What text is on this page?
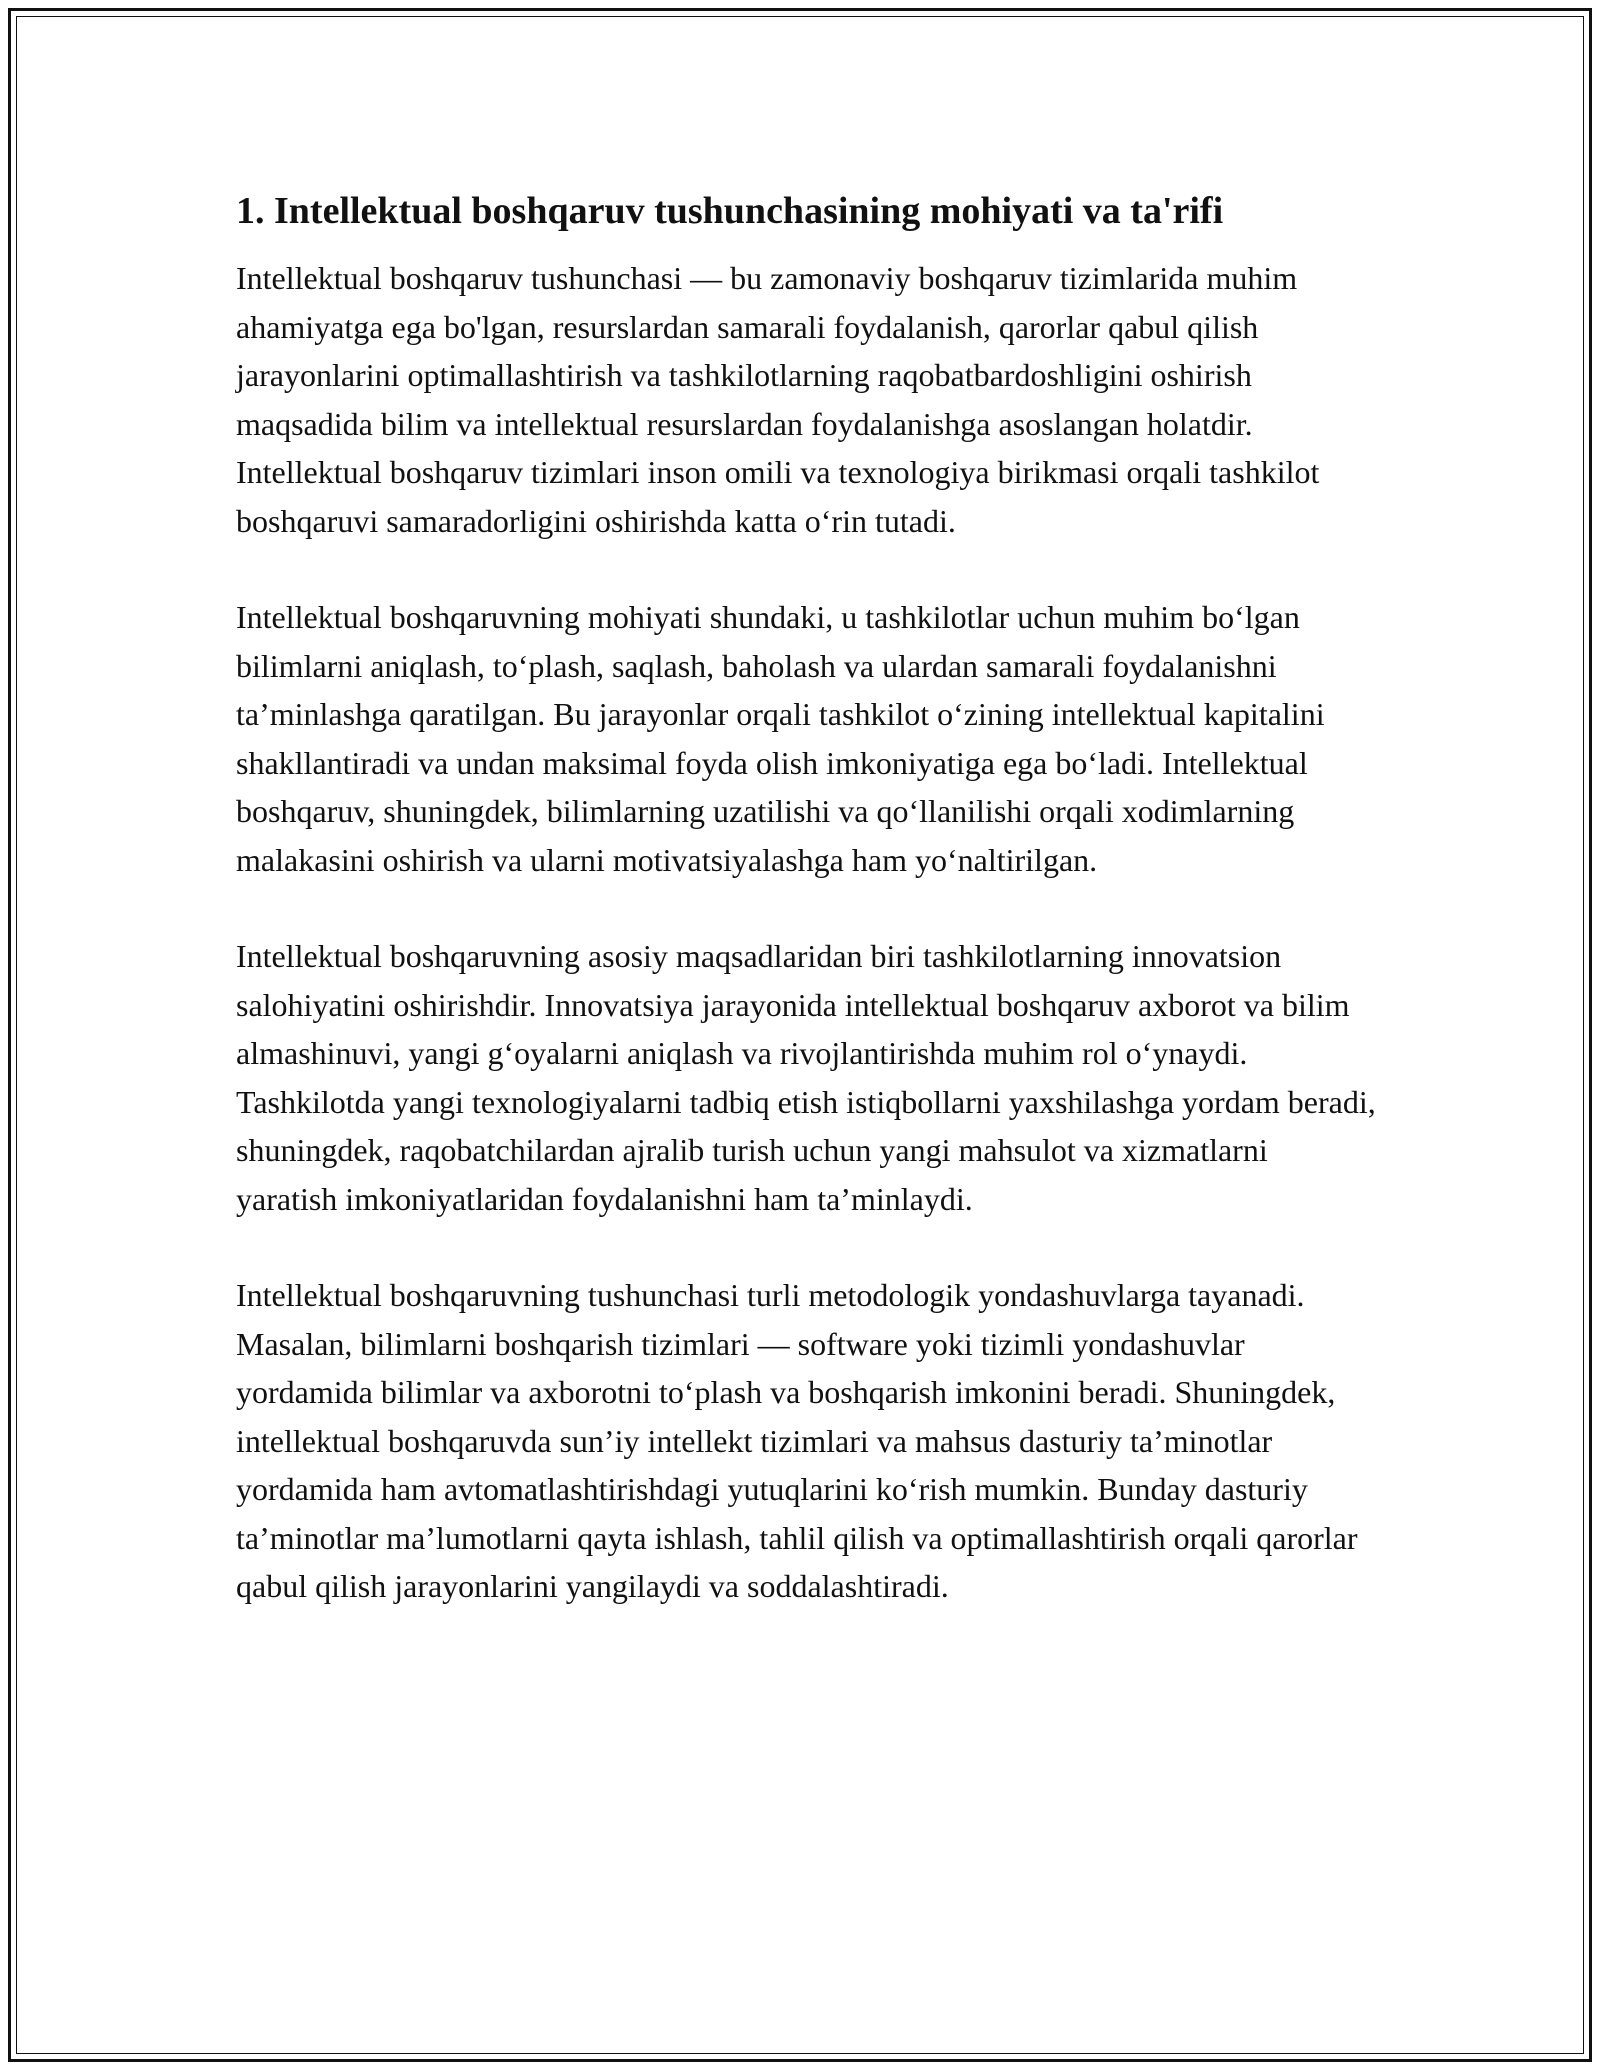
1. Intellektual boshqaruv tushunchasining mohiyati va ta'rifi

Intellektual boshqaruv tushunchasi — bu zamonaviy boshqaruv tizimlarida muhim ahamiyatga ega bo'lgan, resurslardan samarali foydalanish, qarorlar qabul qilish jarayonlarini optimallashtirish va tashkilotlarning raqobatbardoshligini oshirish maqsadida bilim va intellektual resurslardan foydalanishga asoslangan holatdir. Intellektual boshqaruv tizimlari inson omili va texnologiya birikmasi orqali tashkilot boshqaruvi samaradorligini oshirishda katta o‘rin tutadi.

Intellektual boshqaruvning mohiyati shundaki, u tashkilotlar uchun muhim bo‘lgan bilimlarni aniqlash, to‘plash, saqlash, baholash va ulardan samarali foydalanishni ta’minlashga qaratilgan. Bu jarayonlar orqali tashkilot o‘zining intellektual kapitalini shakllantiradi va undan maksimal foyda olish imkoniyatiga ega bo‘ladi. Intellektual boshqaruv, shuningdek, bilimlarning uzatilishi va qo‘llanilishi orqali xodimlarning malakasini oshirish va ularni motivatsiyalashga ham yo‘naltirilgan.

Intellektual boshqaruvning asosiy maqsadlaridan biri tashkilotlarning innovatsion salohiyatini oshirishdir. Innovatsiya jarayonida intellektual boshqaruv axborot va bilim almashinuvi, yangi g‘oyalarni aniqlash va rivojlantirishda muhim rol o‘ynaydi. Tashkilotda yangi texnologiyalarni tadbiq etish istiqbollarni yaxshilashga yordam beradi, shuningdek, raqobatchilardan ajralib turish uchun yangi mahsulot va xizmatlarni yaratish imkoniyatlaridan foydalanishni ham ta’minlaydi.

Intellektual boshqaruvning tushunchasi turli metodologik yondashuvlarga tayanadi. Masalan, bilimlarni boshqarish tizimlari — software yoki tizimli yondashuvlar yordamida bilimlar va axborotni to‘plash va boshqarish imkonini beradi. Shuningdek, intellektual boshqaruvda sun’iy intellekt tizimlari va mahsus dasturiy ta’minotlar yordamida ham avtomatlashtirishdagi yutuqlarini ko‘rish mumkin. Bunday dasturiy ta’minotlar ma’lumotlarni qayta ishlash, tahlil qilish va optimallashtirish orqali qarorlar qabul qilish jarayonlarini yangilaydi va soddalashtiradi.
